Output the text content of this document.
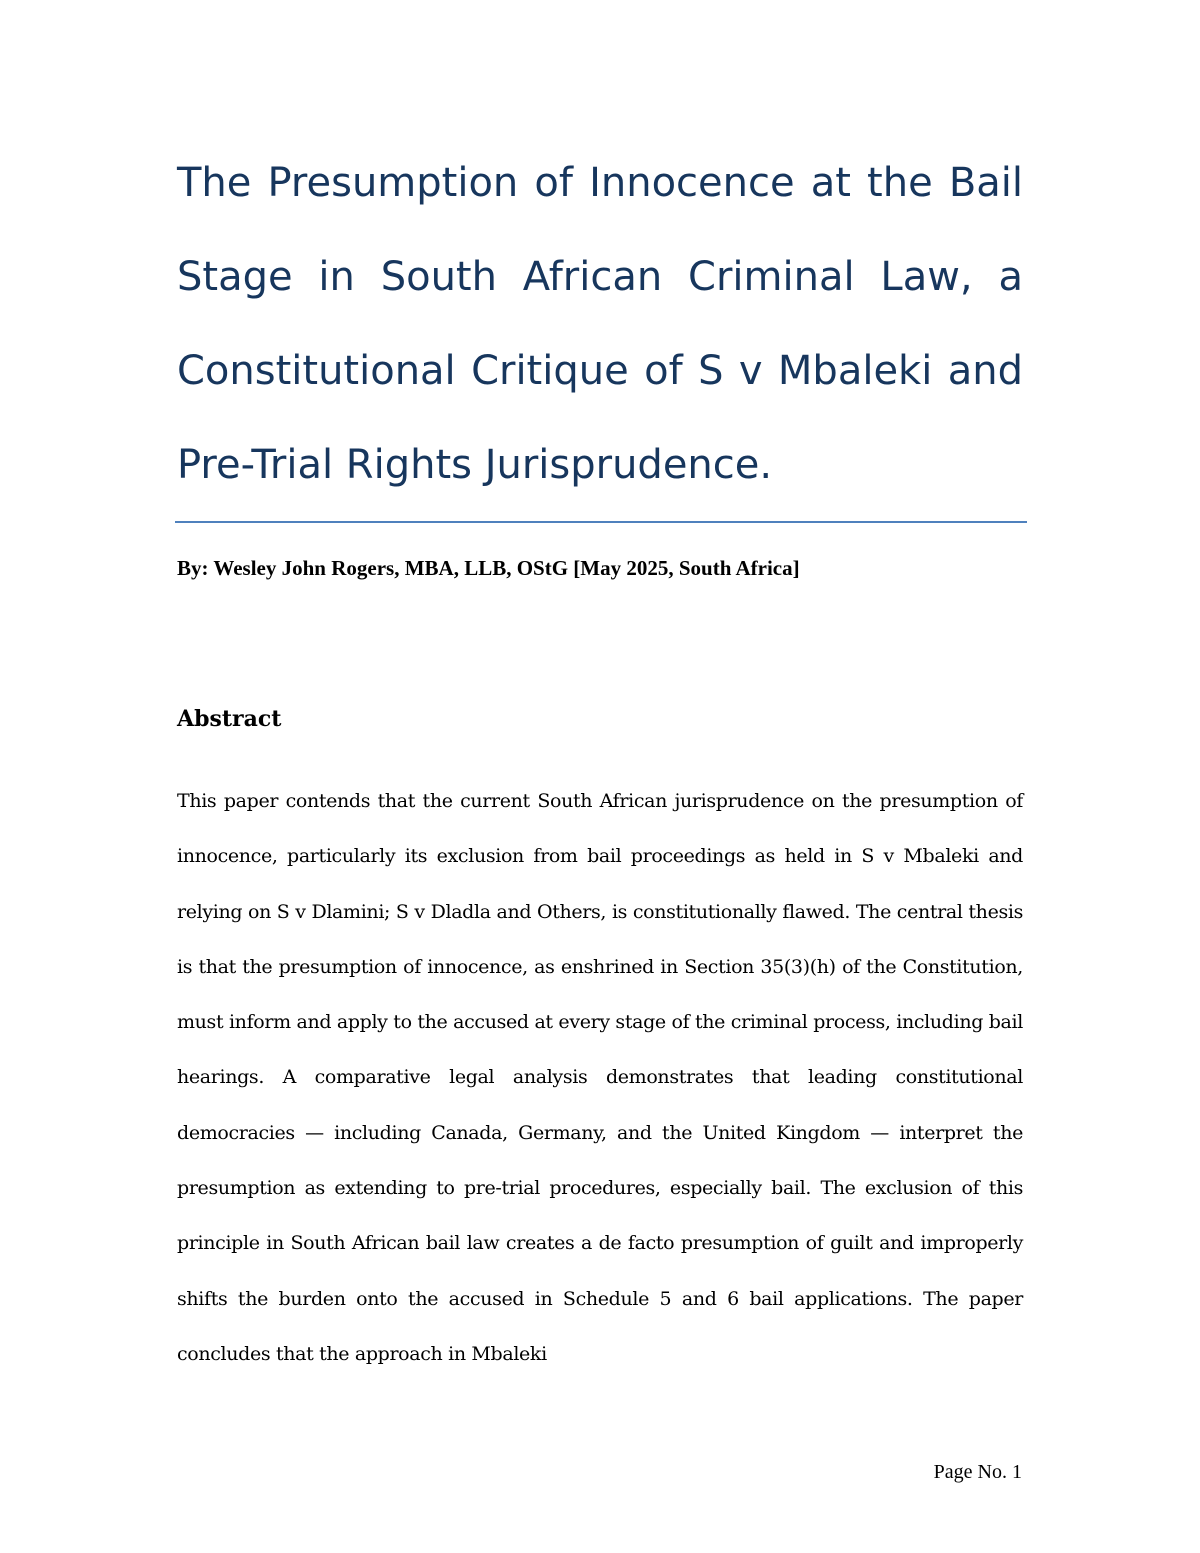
The Presumption of Innocence at the Bail Stage in South African Criminal Law, a Constitutional Critique of S v Mbaleki and Pre-Trial Rights Jurisprudence.

By: Wesley John Rogers, MBA, LLB, OStG [May 2025, South Africa]

Abstract

This paper contends that the current South African jurisprudence on the presumption of innocence, particularly its exclusion from bail proceedings as held in S v Mbaleki and relying on S v Dlamini; S v Dladla and Others, is constitutionally flawed. The central thesis is that the presumption of innocence, as enshrined in Section 35(3)(h) of the Constitution, must inform and apply to the accused at every stage of the criminal process, including bail hearings. A comparative legal analysis demonstrates that leading constitutional democracies — including Canada, Germany, and the United Kingdom — interpret the presumption as extending to pre-trial procedures, especially bail. The exclusion of this principle in South African bail law creates a de facto presumption of guilt and improperly shifts the burden onto the accused in Schedule 5 and 6 bail applications. The paper concludes that the approach in Mbaleki

Page No. 1
